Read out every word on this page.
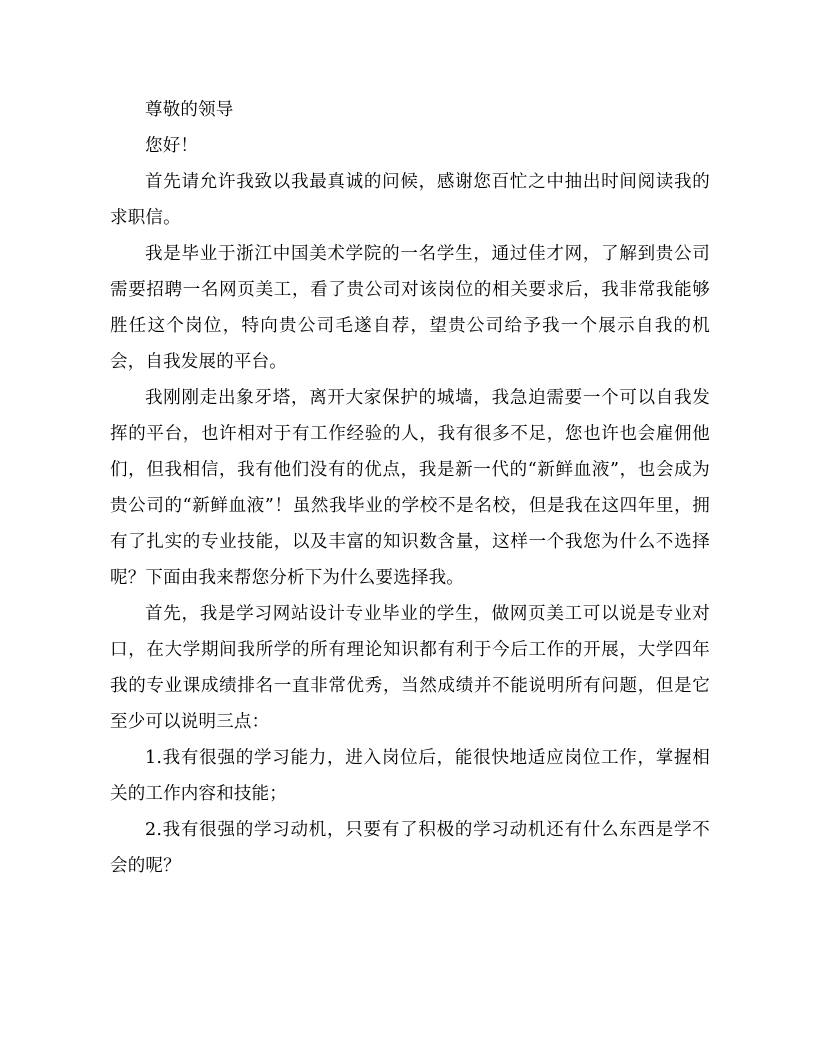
尊敬的领导

您好！

首先请允许我致以我最真诚的问候，感谢您百忙之中抽出时间阅读我的求职信。

我是毕业于浙江中国美术学院的一名学生，通过佳才网，了解到贵公司需要招聘一名网页美工，看了贵公司对该岗位的相关要求后，我非常我能够胜任这个岗位，特向贵公司毛遂自荐，望贵公司给予我一个展示自我的机会，自我发展的平台。

我刚刚走出象牙塔，离开大家保护的城墙，我急迫需要一个可以自我发挥的平台，也许相对于有工作经验的人，我有很多不足，您也许也会雇佣他们，但我相信，我有他们没有的优点，我是新一代的“新鲜血液”，也会成为贵公司的“新鲜血液”！虽然我毕业的学校不是名校，但是我在这四年里，拥有了扎实的专业技能，以及丰富的知识数含量，这样一个我您为什么不选择呢？下面由我来帮您分析下为什么要选择我。

首先，我是学习网站设计专业毕业的学生，做网页美工可以说是专业对口，在大学期间我所学的所有理论知识都有利于今后工作的开展，大学四年我的专业课成绩排名一直非常优秀，当然成绩并不能说明所有问题，但是它至少可以说明三点：

1.我有很强的学习能力，进入岗位后，能很快地适应岗位工作，掌握相关的工作内容和技能；

2.我有很强的学习动机，只要有了积极的学习动机还有什么东西是学不会的呢？
